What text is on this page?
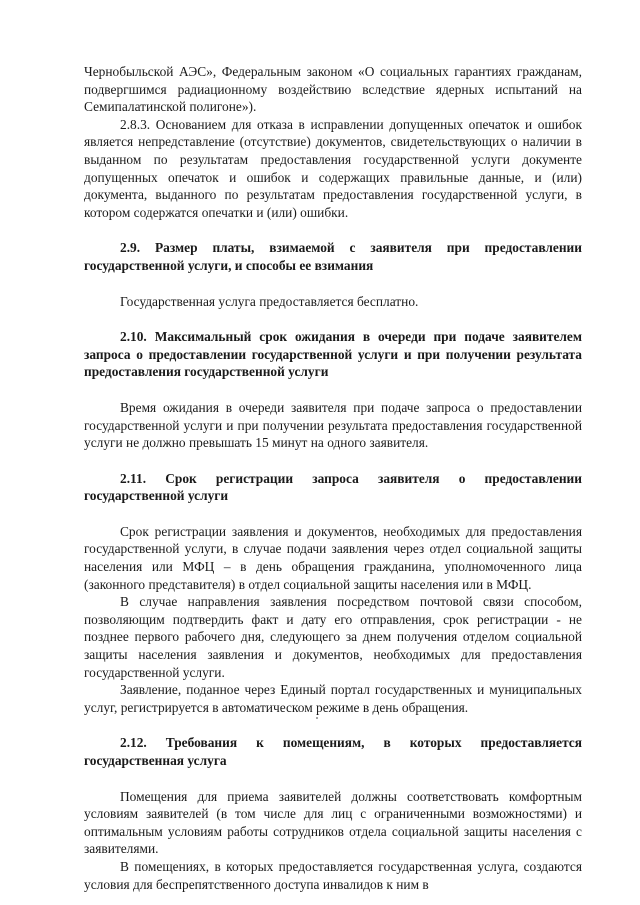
Чернобыльской АЭС», Федеральным законом «О социальных гарантиях гражданам, подвергшимся радиационному воздействию вследствие ядерных испытаний на Семипалатинской полигоне»).

2.8.3. Основанием для отказа в исправлении допущенных опечаток и ошибок является непредставление (отсутствие) документов, свидетельствующих о наличии в выданном по результатам предоставления государственной услуги документе допущенных опечаток и ошибок и содержащих правильные данные, и (или) документа, выданного по результатам предоставления государственной услуги, в котором содержатся опечатки и (или) ошибки.

2.9. Размер платы, взимаемой с заявителя при предоставлении государственной услуги, и способы ее взимания

Государственная услуга предоставляется бесплатно.

2.10. Максимальный срок ожидания в очереди при подаче заявителем запроса о предоставлении государственной услуги и при получении результата предоставления государственной услуги

Время ожидания в очереди заявителя при подаче запроса о предоставлении государственной услуги и при получении результата предоставления государственной услуги не должно превышать 15 минут на одного заявителя.

2.11. Срок регистрации запроса заявителя о предоставлении государственной услуги

Срок регистрации заявления и документов, необходимых для предоставления государственной услуги, в случае подачи заявления через отдел социальной защиты населения или МФЦ – в день обращения гражданина, уполномоченного лица (законного представителя) в отдел социальной защиты населения или в МФЦ.

В случае направления заявления посредством почтовой связи способом, позволяющим подтвердить факт и дату его отправления, срок регистрации - не позднее первого рабочего дня, следующего за днем получения отделом социальной защиты населения заявления и документов, необходимых для предоставления государственной услуги.

Заявление, поданное через Единый портал государственных и муниципальных услуг, регистрируется в автоматическом режиме в день обращения.

2.12. Требования к помещениям, в которых предоставляется государственная услуга

Помещения для приема заявителей должны соответствовать комфортным условиям заявителей (в том числе для лиц с ограниченными возможностями) и оптимальным условиям работы сотрудников отдела социальной защиты населения с заявителями.

В помещениях, в которых предоставляется государственная услуга, создаются условия для беспрепятственного доступа инвалидов к ним в
